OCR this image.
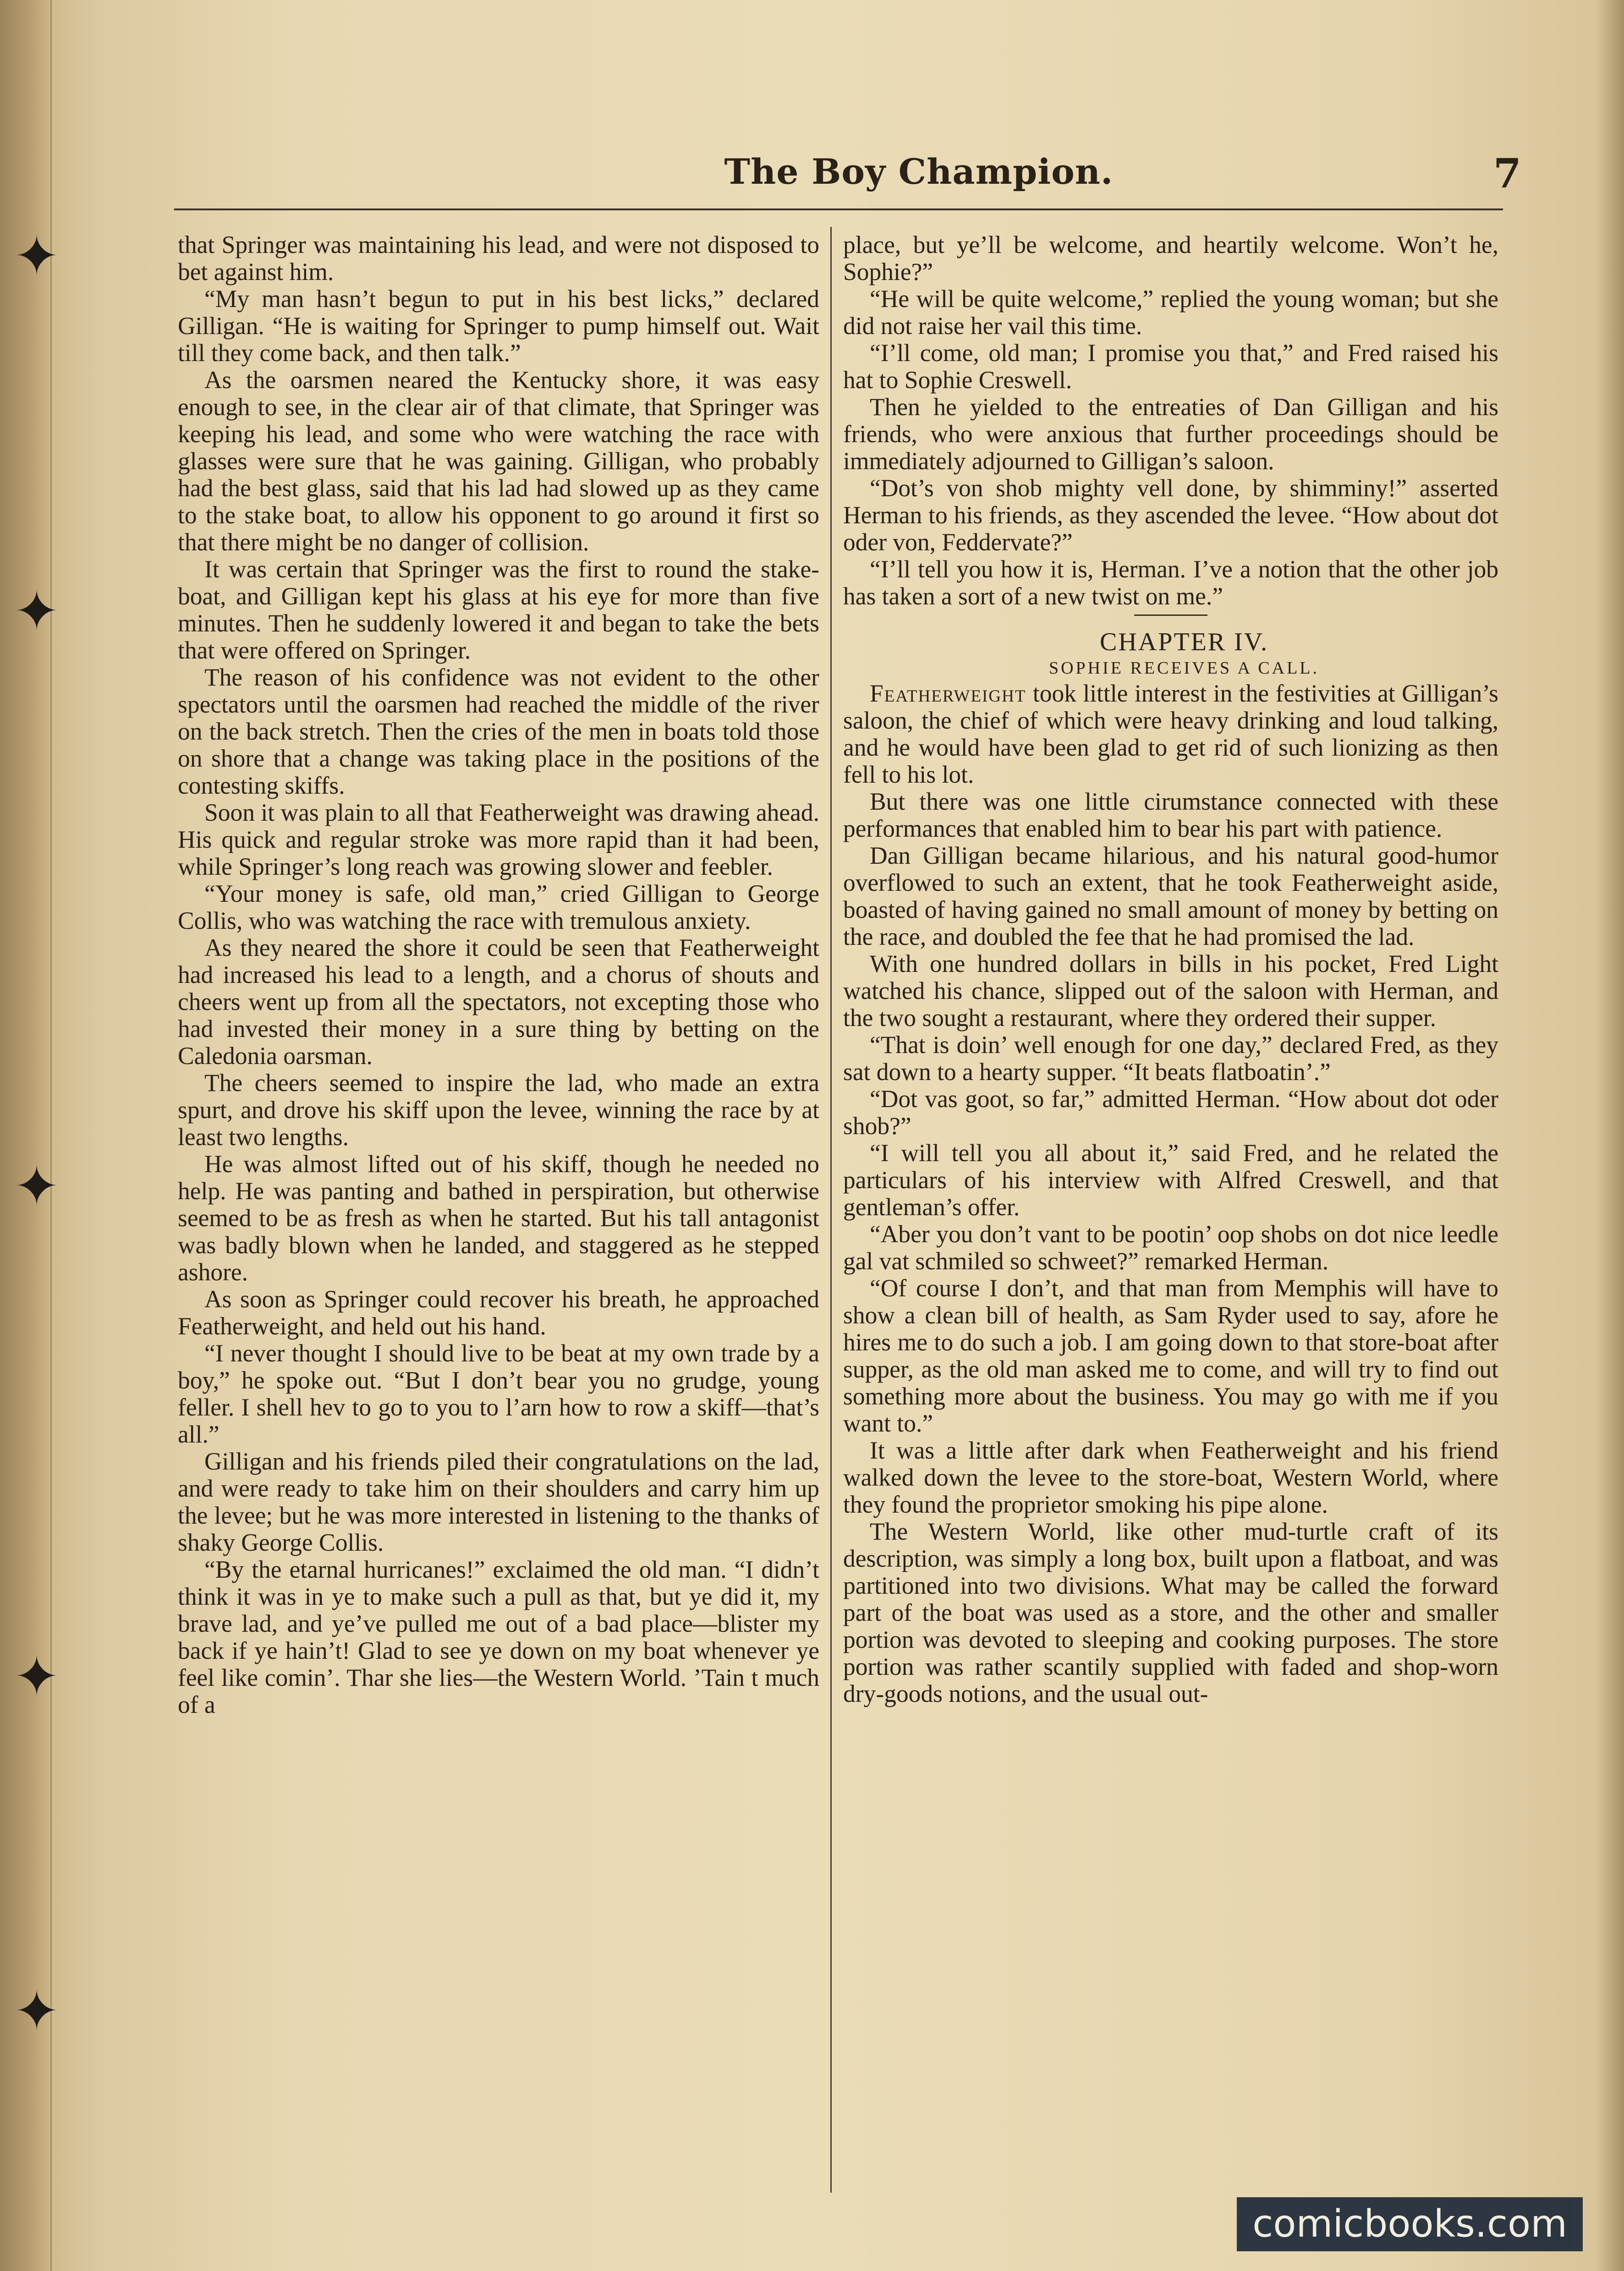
✦
✦
✦
✦
✦
The Boy Champion.	7

that Springer was maintaining his lead, and were not disposed to bet against him.

“My man hasn’t begun to put in his best licks,” declared Gilligan. “He is waiting for Springer to pump himself out. Wait till they come back, and then talk.”

As the oarsmen neared the Kentucky shore, it was easy enough to see, in the clear air of that climate, that Springer was keeping his lead, and some who were watching the race with glasses were sure that he was gaining. Gilligan, who probably had the best glass, said that his lad had slowed up as they came to the stake boat, to allow his opponent to go around it first so that there might be no danger of collision.

It was certain that Springer was the first to round the stake-boat, and Gilligan kept his glass at his eye for more than five minutes. Then he suddenly lowered it and began to take the bets that were offered on Springer.

The reason of his confidence was not evident to the other spectators until the oarsmen had reached the middle of the river on the back stretch. Then the cries of the men in boats told those on shore that a change was taking place in the positions of the contesting skiffs.

Soon it was plain to all that Featherweight was drawing ahead. His quick and regular stroke was more rapid than it had been, while Springer’s long reach was growing slower and feebler.

“Your money is safe, old man,” cried Gilligan to George Collis, who was watching the race with tremulous anxiety.

As they neared the shore it could be seen that Featherweight had increased his lead to a length, and a chorus of shouts and cheers went up from all the spectators, not excepting those who had invested their money in a sure thing by betting on the Caledonia oarsman.

The cheers seemed to inspire the lad, who made an extra spurt, and drove his skiff upon the levee, winning the race by at least two lengths.

He was almost lifted out of his skiff, though he needed no help. He was panting and bathed in perspiration, but otherwise seemed to be as fresh as when he started. But his tall antagonist was badly blown when he landed, and staggered as he stepped ashore.

As soon as Springer could recover his breath, he approached Featherweight, and held out his hand.

“I never thought I should live to be beat at my own trade by a boy,” he spoke out. “But I don’t bear you no grudge, young feller. I shell hev to go to you to l’arn how to row a skiff—that’s all.”

Gilligan and his friends piled their congratulations on the lad, and were ready to take him on their shoulders and carry him up the levee; but he was more interested in listening to the thanks of shaky George Collis.

“By the etarnal hurricanes!” exclaimed the old man. “I didn’t think it was in ye to make such a pull as that, but ye did it, my brave lad, and ye’ve pulled me out of a bad place—blister my back if ye hain’t! Glad to see ye down on my boat whenever ye feel like comin’. Thar she lies—the Western World. ’Tain t much of a

place, but ye’ll be welcome, and heartily welcome. Won’t he, Sophie?”

“He will be quite welcome,” replied the young woman; but she did not raise her vail this time.

“I’ll come, old man; I promise you that,” and Fred raised his hat to Sophie Creswell.

Then he yielded to the entreaties of Dan Gilligan and his friends, who were anxious that further proceedings should be immediately adjourned to Gilligan’s saloon.

“Dot’s von shob mighty vell done, by shimminy!” asserted Herman to his friends, as they ascended the levee. “How about dot oder von, Feddervate?”

“I’ll tell you how it is, Herman. I’ve a notion that the other job has taken a sort of a new twist on me.”

CHAPTER IV.

SOPHIE RECEIVES A CALL.

Featherweight took little interest in the festivities at Gilligan’s saloon, the chief of which were heavy drinking and loud talking, and he would have been glad to get rid of such lionizing as then fell to his lot.

But there was one little cirumstance connected with these performances that enabled him to bear his part with patience.

Dan Gilligan became hilarious, and his natural good-humor overflowed to such an extent, that he took Featherweight aside, boasted of having gained no small amount of money by betting on the race, and doubled the fee that he had promised the lad.

With one hundred dollars in bills in his pocket, Fred Light watched his chance, slipped out of the saloon with Herman, and the two sought a restaurant, where they ordered their supper.

“That is doin’ well enough for one day,” declared Fred, as they sat down to a hearty supper. “It beats flatboatin’.”

“Dot vas goot, so far,” admitted Herman. “How about dot oder shob?”

“I will tell you all about it,” said Fred, and he related the particulars of his interview with Alfred Creswell, and that gentleman’s offer.

“Aber you don’t vant to be pootin’ oop shobs on dot nice leedle gal vat schmiled so schweet?” remarked Herman.

“Of course I don’t, and that man from Memphis will have to show a clean bill of health, as Sam Ryder used to say, afore he hires me to do such a job. I am going down to that store-boat after supper, as the old man asked me to come, and will try to find out something more about the business. You may go with me if you want to.”

It was a little after dark when Featherweight and his friend walked down the levee to the store-boat, Western World, where they found the proprietor smoking his pipe alone.

The Western World, like other mud-turtle craft of its description, was simply a long box, built upon a flatboat, and was partitioned into two divisions. What may be called the forward part of the boat was used as a store, and the other and smaller portion was devoted to sleeping and cooking purposes. The store portion was rather scantily supplied with faded and shop-worn dry-goods notions, and the usual out-

comicbooks.com
